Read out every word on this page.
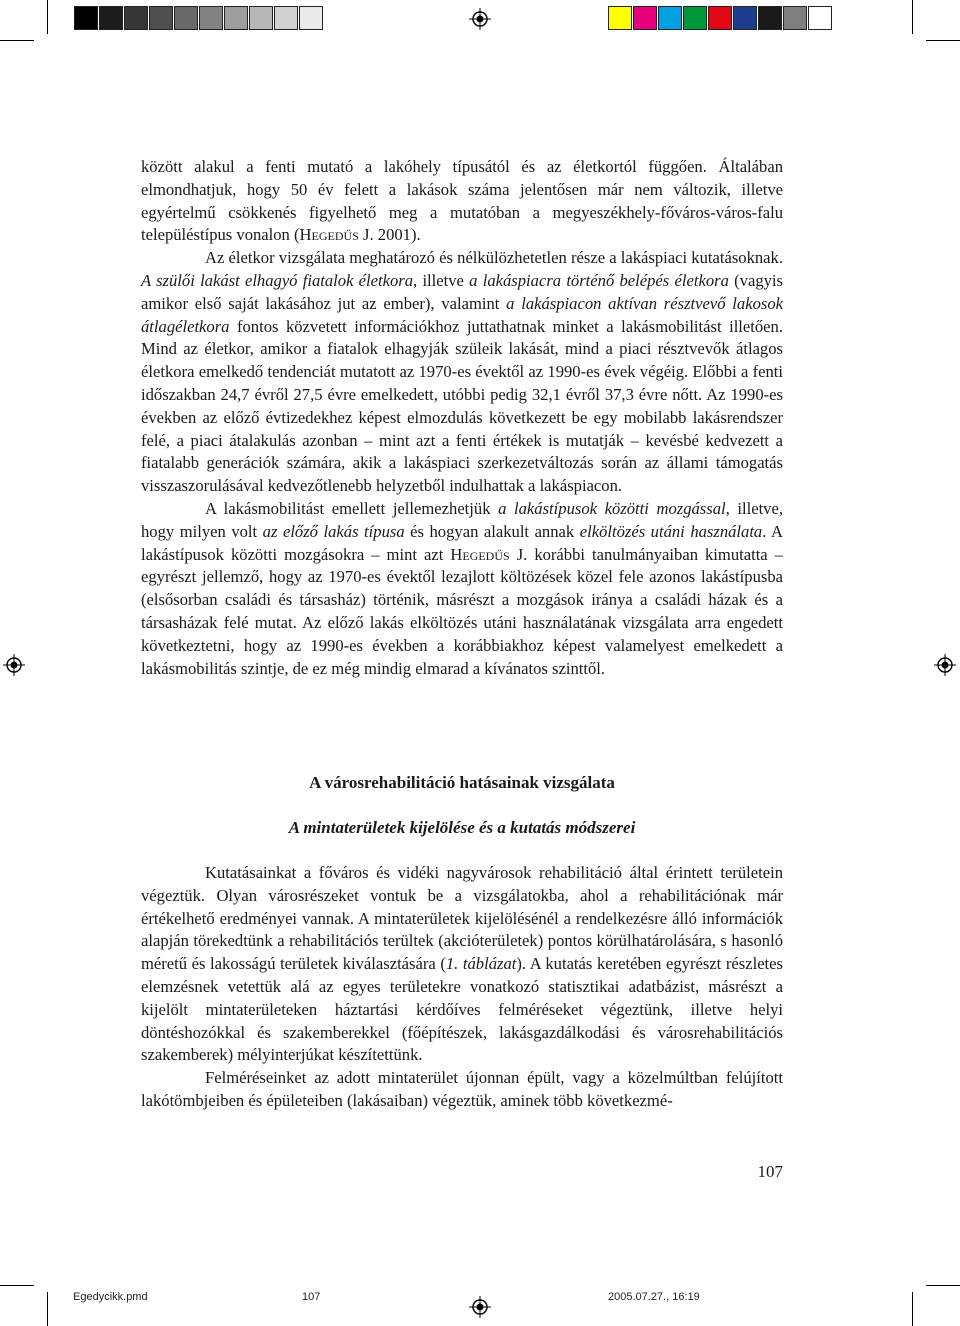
között alakul a fenti mutató a lakóhely típusától és az életkortól függően. Általában elmondhatjuk, hogy 50 év felett a lakások száma jelentősen már nem változik, illetve egyértelmű csökkenés figyelhető meg a mutatóban a megyeszékhely-főváros-város-falu településtípus vonalon (Hegedűs J. 2001).

Az életkor vizsgálata meghatározó és nélkülözhetetlen része a lakáspiaci kutatásoknak. A szülői lakást elhagyó fiatalok életkora, illetve a lakáspiacra történő belépés életkora (vagyis amikor első saját lakásához jut az ember), valamint a lakáspiacon aktívan résztvevő lakosok átlagéletkora fontos közvetett információkhoz juttathatnak minket a lakásmobilitást illetően. Mind az életkor, amikor a fiatalok elhagyják szüleik lakását, mind a piaci résztvevők átlagos életkora emelkedő tendenciát mutatott az 1970-es évektől az 1990-es évek végéig. Előbbi a fenti időszakban 24,7 évről 27,5 évre emelkedett, utóbbi pedig 32,1 évről 37,3 évre nőtt. Az 1990-es években az előző évtizedekhez képest elmozdulás következett be egy mobilabb lakásrendszer felé, a piaci átalakulás azonban – mint azt a fenti értékek is mutatják – kevésbé kedvezett a fiatalabb generációk számára, akik a lakáspiaci szerkezetváltozás során az állami támogatás visszaszorulásával kedvezőtlenebb helyzetből indulhattak a lakáspiacon.

A lakásmobilitást emellett jellemezhetjük a lakástípusok közötti mozgással, illetve, hogy milyen volt az előző lakás típusa és hogyan alakult annak elköltözés utáni használata. A lakástípusok közötti mozgásokra – mint azt Hegedűs J. korábbi tanulmányaiban kimutatta – egyrészt jellemző, hogy az 1970-es évektől lezajlott költözések közel fele azonos lakástípusba (elsősorban családi és társasház) történik, másrészt a mozgások iránya a családi házak és a társasházak felé mutat. Az előző lakás elköltözés utáni használatának vizsgálata arra engedett következtetni, hogy az 1990-es években a korábbiakhoz képest valamelyest emelkedett a lakásmobilitás szintje, de ez még mindig elmarad a kívánatos szinttől.

A városrehabilitáció hatásainak vizsgálata
A mintaterületek kijelölése és a kutatás módszerei

Kutatásainkat a főváros és vidéki nagyvárosok rehabilitáció által érintett területein végeztük. Olyan városrészeket vontuk be a vizsgálatokba, ahol a rehabilitációnak már értékelhető eredményei vannak. A mintaterületek kijelölésénél a rendelkezésre álló információk alapján törekedtünk a rehabilitációs terültek (akcióterületek) pontos körülhatárolására, s hasonló méretű és lakosságú területek kiválasztására (1. táblázat). A kutatás keretében egyrészt részletes elemzésnek vetettük alá az egyes területekre vonatkozó statisztikai adatbázist, másrészt a kijelölt mintaterületeken háztartási kérdőíves felméréseket végeztünk, illetve helyi döntéshozókkal és szakemberekkel (főépítészek, lakásgazdálkodási és városrehabilitációs szakemberek) mélyinterjúkat készítettünk.

Felméréseinket az adott mintaterület újonnan épült, vagy a közelmúltban felújított lakótömbjeiben és épületeiben (lakásaiban) végeztük, aminek több következmé-

107
Egedycikk.pmd	107	2005.07.27., 16:19
